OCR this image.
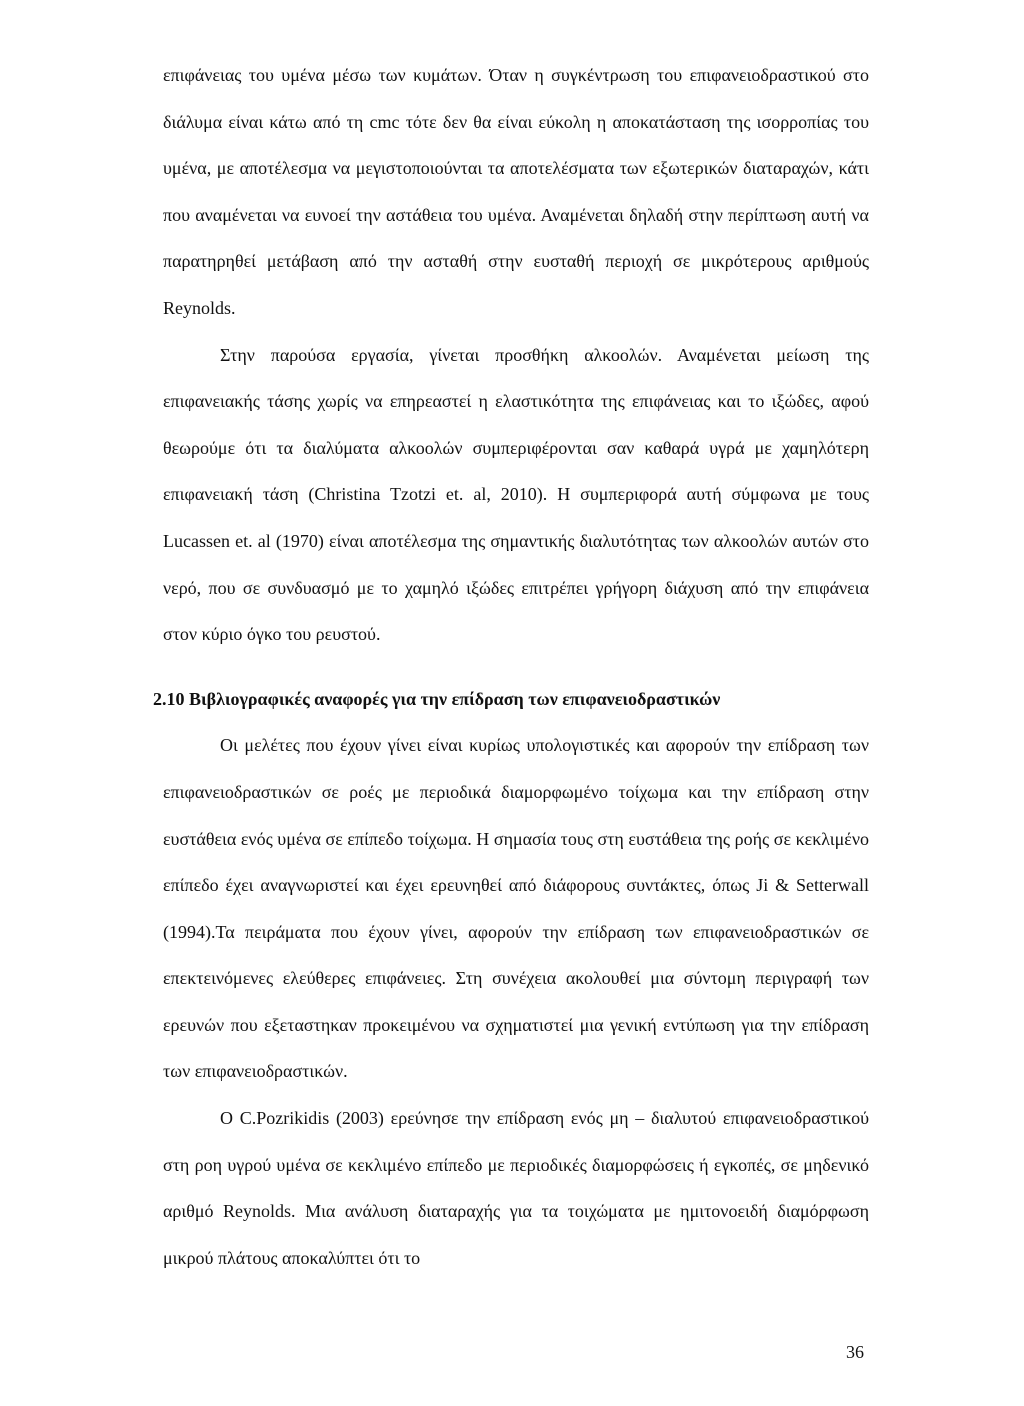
επιφάνειας του υμένα μέσω των κυμάτων. Όταν η συγκέντρωση του επιφανειοδραστικού στο διάλυμα είναι κάτω από τη cmc τότε δεν θα είναι εύκολη η αποκατάσταση της ισορροπίας του υμένα, με αποτέλεσμα να μεγιστοποιούνται τα αποτελέσματα των εξωτερικών διαταραχών, κάτι που αναμένεται να ευνοεί την αστάθεια του υμένα. Αναμένεται δηλαδή στην περίπτωση αυτή να παρατηρηθεί μετάβαση από την ασταθή στην ευσταθή περιοχή σε μικρότερους αριθμούς Reynolds.

Στην παρούσα εργασία, γίνεται προσθήκη αλκοολών. Αναμένεται μείωση της επιφανειακής τάσης χωρίς να επηρεαστεί η ελαστικότητα της επιφάνειας και το ιξώδες, αφού θεωρούμε ότι τα διαλύματα αλκοολών συμπεριφέρονται σαν καθαρά υγρά με χαμηλότερη επιφανειακή τάση (Christina Tzotzi et. al, 2010). Η συμπεριφορά αυτή σύμφωνα με τους Lucassen et. al (1970) είναι αποτέλεσμα της σημαντικής διαλυτότητας των αλκοολών αυτών στο νερό, που σε συνδυασμό με το χαμηλό ιξώδες επιτρέπει γρήγορη διάχυση από την επιφάνεια στον κύριο όγκο του ρευστού.

2.10 Βιβλιογραφικές αναφορές για την επίδραση των επιφανειοδραστικών

Οι μελέτες που έχουν γίνει είναι κυρίως υπολογιστικές και αφορούν την επίδραση των επιφανειοδραστικών σε ροές με περιοδικά διαμορφωμένο τοίχωμα και την επίδραση στην ευστάθεια ενός υμένα σε επίπεδο τοίχωμα. Η σημασία τους στη ευστάθεια της ροής σε κεκλιμένο επίπεδο έχει αναγνωριστεί και έχει ερευνηθεί από διάφορους συντάκτες, όπως Ji & Setterwall (1994).Τα πειράματα που έχουν γίνει, αφορούν την επίδραση των επιφανειοδραστικών σε επεκτεινόμενες ελεύθερες επιφάνειες. Στη συνέχεια ακολουθεί μια σύντομη περιγραφή των ερευνών που εξεταστηκαν προκειμένου να σχηματιστεί μια γενική εντύπωση για την επίδραση των επιφανειοδραστικών.

Ο C.Pozrikidis (2003) ερεύνησε την επίδραση ενός μη – διαλυτού επιφανειοδραστικού στη ροη υγρού υμένα σε κεκλιμένο επίπεδο με περιοδικές διαμορφώσεις ή εγκοπές, σε μηδενικό αριθμό Reynolds. Μια ανάλυση διαταραχής για τα τοιχώματα με ημιτονοειδή διαμόρφωση μικρού πλάτους αποκαλύπτει ότι το

36
